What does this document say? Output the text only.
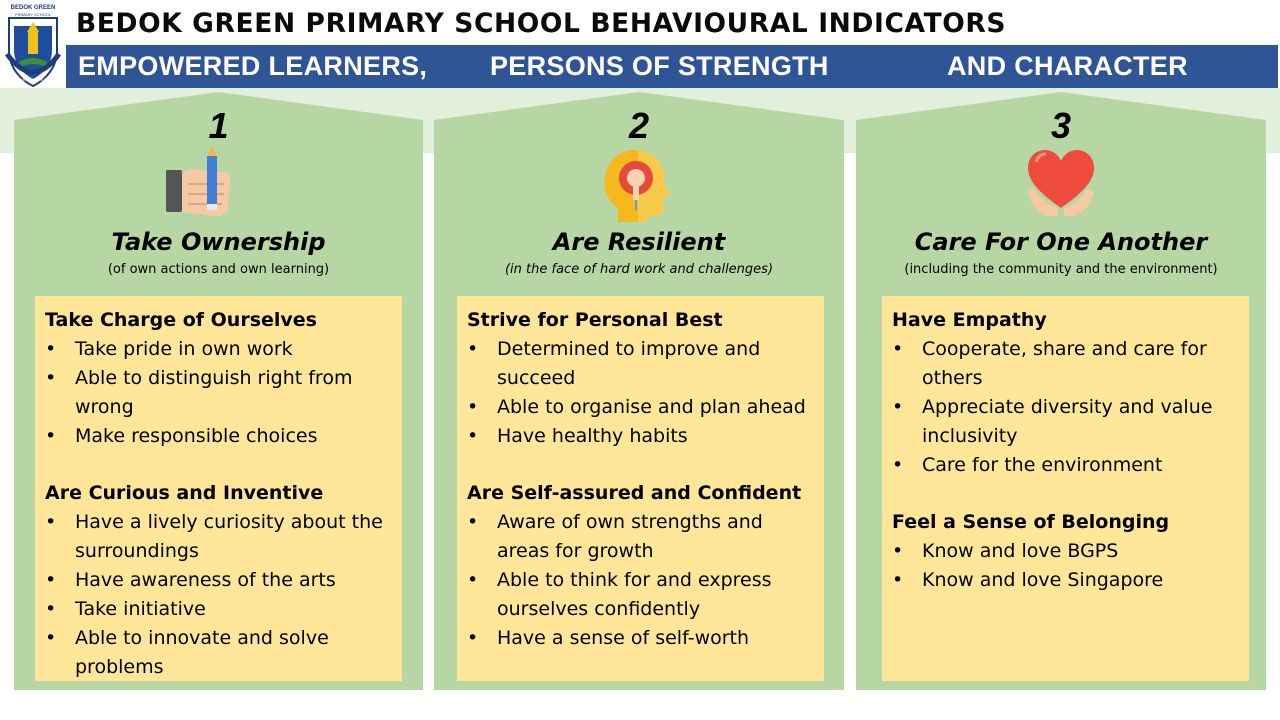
BEDOK GREEN
PRIMARY SCHOOL
PERSEVERE AND SUCCEED
BEDOK GREEN PRIMARY SCHOOL BEHAVIOURAL INDICATORS
EMPOWERED LEARNERS, PERSONS OF STRENGTH	AND CHARACTER
1
Take Ownership
(of own actions and own learning)
Take Charge of Ourselves
• Take pride in own work
• Able to distinguish right from wrong
• Make responsible choices
Are Curious and Inventive
• Have a lively curiosity about the surroundings
• Have awareness of the arts
• Take initiative
• Able to innovate and solve problems
2
Are Resilient
(in the face of hard work and challenges)
Strive for Personal Best
• Determined to improve and succeed
• Able to organise and plan ahead
• Have healthy habits
Are Self-assured and Confident
• Aware of own strengths and areas for growth
• Able to think for and express ourselves confidently
• Have a sense of self-worth
3
Care For One Another
(including the community and the environment)
Have Empathy
• Cooperate, share and care for others
• Appreciate diversity and value inclusivity
• Care for the environment
Feel a Sense of Belonging
• Know and love BGPS
• Know and love Singapore
